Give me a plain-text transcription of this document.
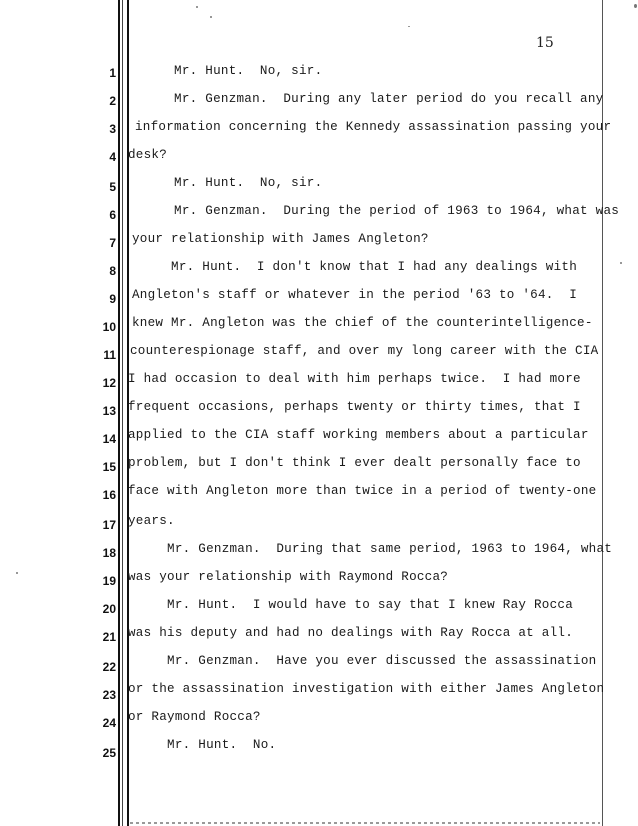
15
1
2
3
4
5
6
7
8
9
10
11
12
13
14
15
16
17
18
19
20
21
22
23
24
25
Mr. Hunt.  No, sir.
Mr. Genzman.  During any later period do you recall any
information concerning the Kennedy assassination passing your
desk?
Mr. Hunt.  No, sir.
Mr. Genzman.  During the period of 1963 to 1964, what was
your relationship with James Angleton?
Mr. Hunt.  I don't know that I had any dealings with
Angleton's staff or whatever in the period '63 to '64.  I
knew Mr. Angleton was the chief of the counterintelligence-
counterespionage staff, and over my long career with the CIA
I had occasion to deal with him perhaps twice.  I had more
frequent occasions, perhaps twenty or thirty times, that I
applied to the CIA staff working members about a particular
problem, but I don't think I ever dealt personally face to
face with Angleton more than twice in a period of twenty-one
years.
Mr. Genzman.  During that same period, 1963 to 1964, what
was your relationship with Raymond Rocca?
Mr. Hunt.  I would have to say that I knew Ray Rocca
was his deputy and had no dealings with Ray Rocca at all.
Mr. Genzman.  Have you ever discussed the assassination
or the assassination investigation with either James Angleton
or Raymond Rocca?
Mr. Hunt.  No.
